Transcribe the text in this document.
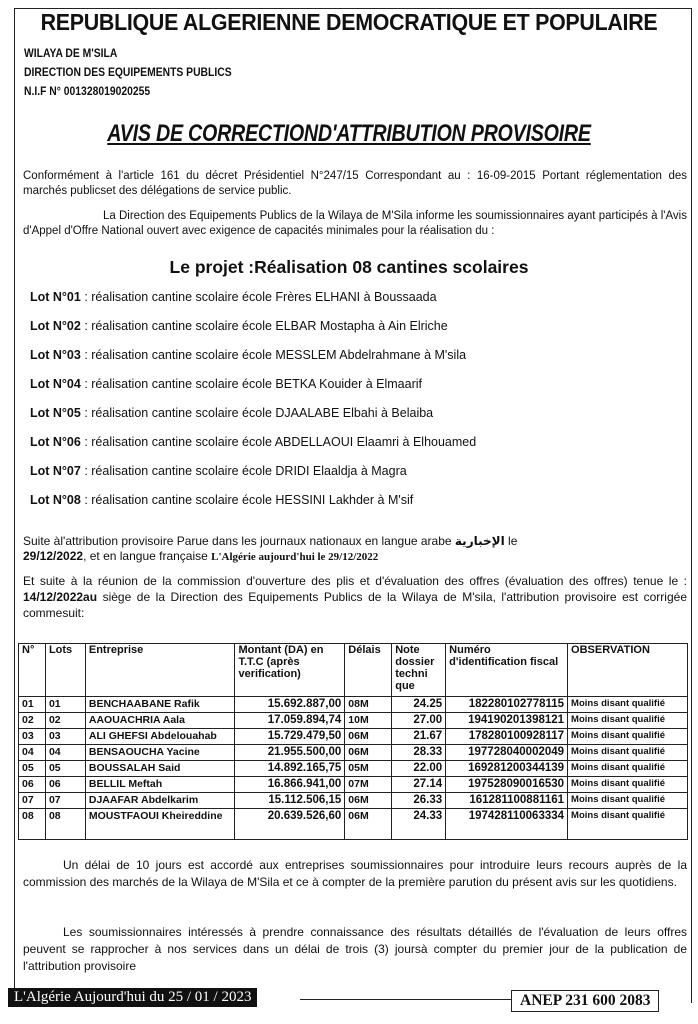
REPUBLIQUE ALGERIENNE DEMOCRATIQUE ET POPULAIRE
WILAYA DE M'SILA
DIRECTION DES EQUIPEMENTS PUBLICS
N.I.F N° 001328019020255
AVIS DE CORRECTIOND'ATTRIBUTION PROVISOIRE
Conformément à l'article 161 du décret Présidentiel N°247/15 Correspondant au : 16-09-2015 Portant réglementation des marchés publicset des délégations de service public.
La Direction des Equipements Publics de la Wilaya de M'Sila informe les soumissionnaires ayant participés à l'Avis d'Appel d'Offre National ouvert avec exigence de capacités minimales pour la réalisation du :
Le projet :Réalisation 08 cantines scolaires
Lot N°01 : réalisation cantine scolaire école Frères ELHANI à Boussaada
Lot N°02 : réalisation cantine scolaire école ELBAR Mostapha à Ain Elriche
Lot N°03 : réalisation cantine scolaire école MESSLEM Abdelrahmane à M'sila
Lot N°04 : réalisation cantine scolaire école BETKA Kouider à Elmaarif
Lot N°05 : réalisation cantine scolaire école DJAALABE Elbahi à Belaiba
Lot N°06 : réalisation cantine scolaire école ABDELLAOUI Elaamri à Elhouamed
Lot N°07 : réalisation cantine scolaire école DRIDI Elaaldja à Magra
Lot N°08 : réalisation cantine scolaire école HESSINI Lakhder à M'sif
Suite àl'attribution provisoire Parue dans les journaux nationaux en langue arabe الإخبارية le
29/12/2022, et en langue française L'Algérie aujourd'hui le 29/12/2022
Et suite à la réunion de la commission d'ouverture des plis et d'évaluation des offres (évaluation des offres) tenue le : 14/12/2022au siège de la Direction des Equipements Publics de la Wilaya de M'sila, l'attribution provisoire est corrigée commesuit:
N°	Lots	Entreprise	Montant (DA) en T.T.C (après verification)	Délais	Note dossier techni que	Numéro d'identification fiscal	OBSERVATION
01	01	BENCHAABANE Rafik	15.692.887,00	08M	24.25	182280102778115	Moins disant qualifié
02	02	AAOUACHRIA Aala	17.059.894,74	10M	27.00	194190201398121	Moins disant qualifié
03	03	ALI GHEFSI Abdelouahab	15.729.479,50	06M	21.67	178280100928117	Moins disant qualifié
04	04	BENSAOUCHA Yacine	21.955.500,00	06M	28.33	197728040002049	Moins disant qualifié
05	05	BOUSSALAH Said	14.892.165,75	05M	22.00	169281200344139	Moins disant qualifié
06	06	BELLIL Meftah	16.866.941,00	07M	27.14	197528090016530	Moins disant qualifié
07	07	DJAAFAR Abdelkarim	15.112.506,15	06M	26.33	161281100881161	Moins disant qualifié
08	08	MOUSTFAOUI Kheireddine	20.639.526,60	06M	24.33	197428110063334	Moins disant qualifié
Un délai de 10 jours est accordé aux entreprises soumissionnaires pour introduire leurs recours auprès de la commission des marchés de la Wilaya de M'Sila et ce à compter de la première parution du présent avis sur les quotidiens.
Les soumissionnaires intéressés à prendre connaissance des résultats détaillés de l'évaluation de leurs offres peuvent se rapprocher à nos services dans un délai de trois (3) joursà compter du premier jour de la publication de l'attribution provisoire
L'Algérie Aujourd'hui du 25 / 01 / 2023	ANEP 231 600 2083
